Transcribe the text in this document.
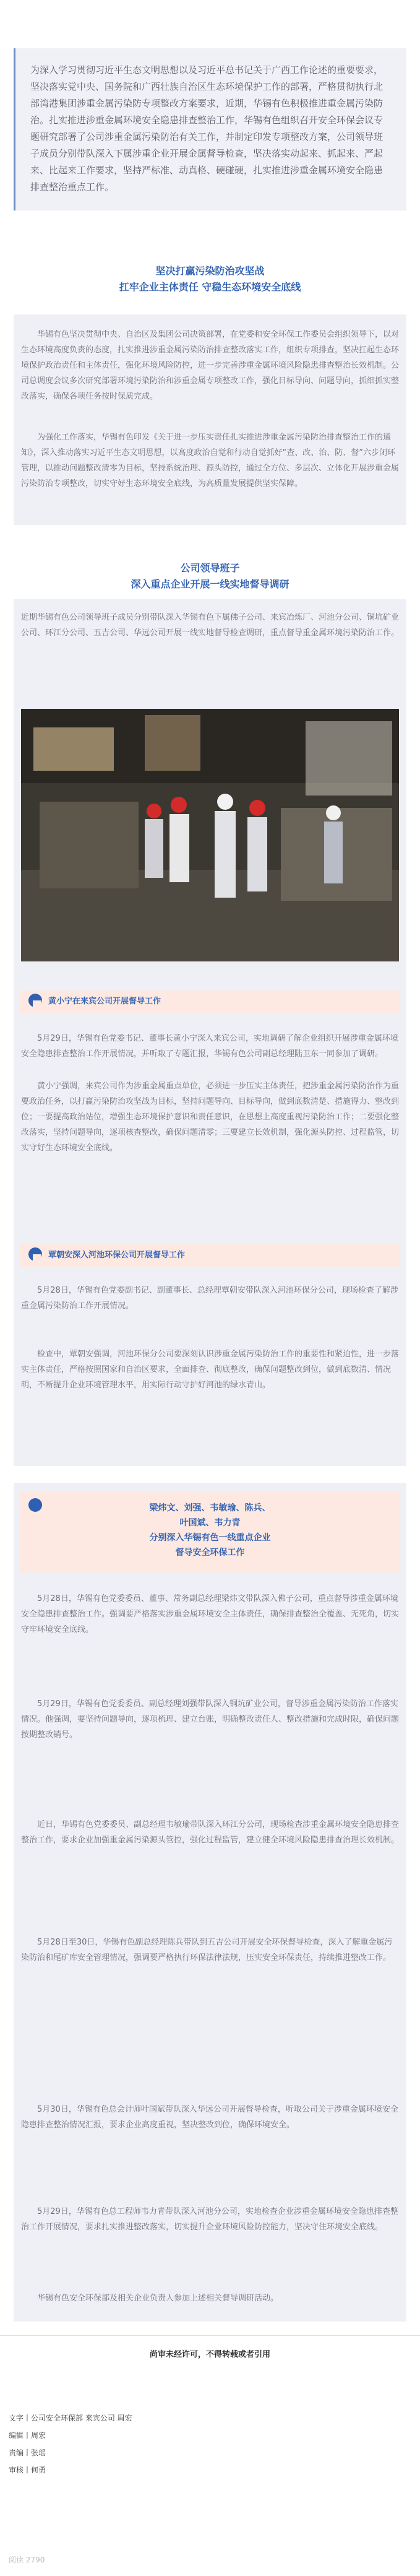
为深入学习贯彻习近平生态文明思想以及习近平总书记关于广西工作论述的重要要求，坚决落实党中央、国务院和广西壮族自治区生态环境保护工作的部署，严格贯彻执行北部湾港集团涉重金属污染防专项整改方案要求，近期，华锡有色积极推进重金属污染防治。扎实推进涉重金属环境安全隐患排查整治工作，华锡有色组织召开安全环保会议专题研究部署了公司涉重金属污染防治有关工作，并制定印发专项整改方案，公司领导班子成员分别带队深入下属涉重企业开展金属督导检查，坚决落实动起来、抓起来、严起来、比起来工作要求，坚持严标准、动真格、硬碰硬，扎实推进涉重金属环境安全隐患排查整治重点工作。
坚决打赢污染防治攻坚战
扛牢企业主体责任 守稳生态环境安全底线
华锡有色坚决贯彻中央、自治区及集团公司决策部署，在党委和安全环保工作委员会组织领导下，以对生态环境高度负责的态度，扎实推进涉重金属污染防治排查整改落实工作，组织专项排查，坚决扛起生态环境保护政治责任和主体责任，强化环境风险防控，进一步完善涉重金属环境风险隐患排查整治长效机制。公司总调度会议多次研究部署环境污染防治和涉重金属专项整改工作，强化目标导向、问题导向，抓细抓实整改落实，确保各项任务按时保质完成。
为强化工作落实，华锡有色印发《关于进一步压实责任扎实推进涉重金属污染防治排查整治工作的通知》，深入推动落实习近平生态文明思想，以高度政治自觉和行动自觉抓好“查、改、治、防、督”六步闭环管理，以推动问题整改清零为目标，坚持系统治理、源头防控，通过全方位、多层次、立体化开展涉重金属污染防治专项整改，切实守好生态环境安全底线，为高质量发展提供坚实保障。
公司领导班子
深入重点企业开展一线实地督导调研
近期华锡有色公司领导班子成员分别带队深入华锡有色下属佛子公司、来宾冶炼厂、河池分公司、铜坑矿业公司、环江分公司、五吉公司、华远公司开展一线实地督导检查调研，重点督导重金属环境污染防治工作。
黄小宁在来宾公司开展督导工作
5月29日，华锡有色党委书记、董事长黄小宁深入来宾公司，实地调研了解企业组织开展涉重金属环境安全隐患排查整治工作开展情况，并听取了专题汇报，华锡有色公司副总经理陆卫东一同参加了调研。
黄小宁强调，来宾公司作为涉重金属重点单位，必须进一步压实主体责任，把涉重金属污染防治作为重要政治任务，以打赢污染防治攻坚战为目标，坚持问题导向、目标导向，做到底数清楚、措施得力、整改到位；一要提高政治站位，增强生态环境保护意识和责任意识，在思想上高度重视污染防治工作；二要强化整改落实，坚持问题导向，逐项核查整改，确保问题清零；三要建立长效机制，强化源头防控、过程监管，切实守好生态环境安全底线。
覃朝安深入河池环保公司开展督导工作
5月28日，华锡有色党委副书记、副董事长、总经理覃朝安带队深入河池环保分公司，现场检查了解涉重金属污染防治工作开展情况。
检查中，覃朝安强调，河池环保分公司要深刻认识涉重金属污染防治工作的重要性和紧迫性，进一步落实主体责任，严格按照国家和自治区要求，全面排查、彻底整改，确保问题整改到位，做到底数清、情况明，不断提升企业环境管理水平，用实际行动守护好河池的绿水青山。
梁炜文、刘强、韦敏瑜、陈兵、
叶国斌、韦力青
分别深入华锡有色一线重点企业
督导安全环保工作
5月28日，华锡有色党委委员、董事、常务副总经理梁炜文带队深入佛子公司，重点督导涉重金属环境安全隐患排查整治工作。强调要严格落实涉重金属环境安全主体责任，确保排查整治全覆盖、无死角，切实守牢环境安全底线。
5月29日，华锡有色党委委员、副总经理刘强带队深入铜坑矿业公司，督导涉重金属污染防治工作落实情况。他强调，要坚持问题导向，逐项梳理、建立台账，明确整改责任人、整改措施和完成时限，确保问题按期整改销号。
近日，华锡有色党委委员、副总经理韦敏瑜带队深入环江分公司，现场检查涉重金属环境安全隐患排查整治工作，要求企业加强重金属污染源头管控，强化过程监管，建立健全环境风险隐患排查治理长效机制。
5月28日至30日，华锡有色副总经理陈兵带队到五吉公司开展安全环保督导检查，深入了解重金属污染防治和尾矿库安全管理情况，强调要严格执行环保法律法规，压实安全环保责任，持续推进整改工作。
5月30日，华锡有色总会计师叶国斌带队深入华远公司开展督导检查，听取公司关于涉重金属环境安全隐患排查整治情况汇报，要求企业高度重视，坚决整改到位，确保环境安全。
5月29日，华锡有色总工程师韦力青带队深入河池分公司，实地检查企业涉重金属环境安全隐患排查整治工作开展情况，要求扎实推进整改落实，切实提升企业环境风险防控能力，坚决守住环境安全底线。
华锡有色安全环保部及相关企业负责人参加上述相关督导调研活动。
尚审未经许可，不得转载或者引用
文字丨公司安全环保部 来宾公司 周宏
编辑丨周宏
责编丨张瑶
审核丨何勇
阅读 2790
